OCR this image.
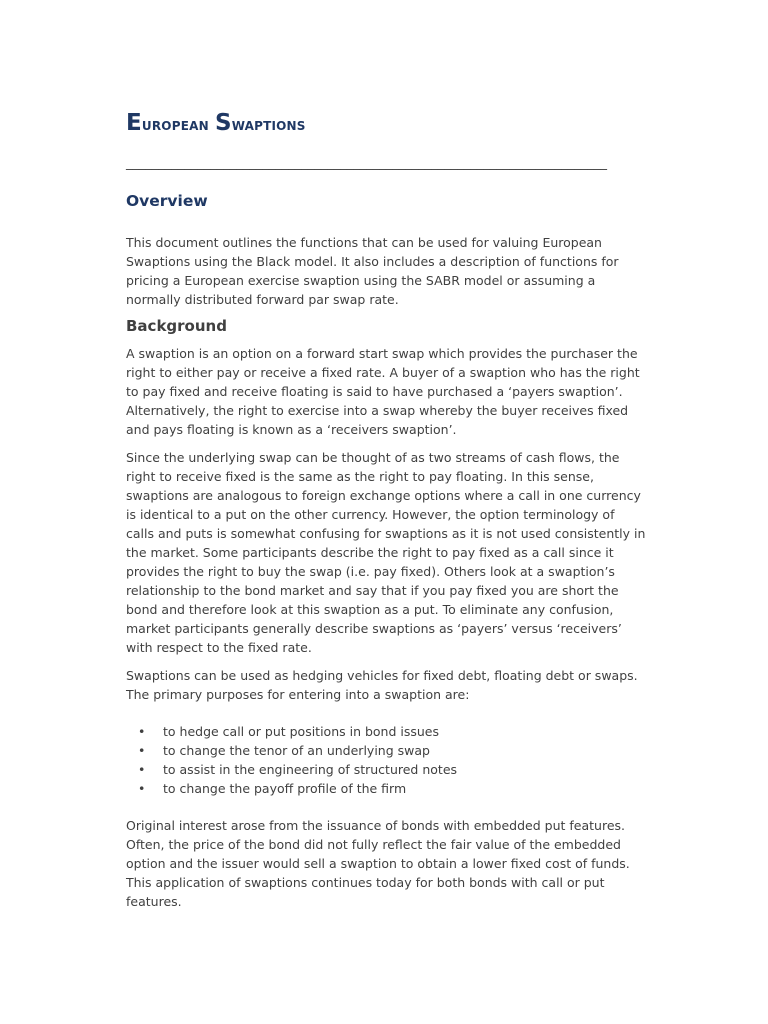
European Swaptions
__________________________________________________________________________
Overview

This document outlines the functions that can be used for valuing European Swaptions using the Black model. It also includes a description of functions for pricing a European exercise swaption using the SABR model or assuming a normally distributed forward par swap rate.

Background

A swaption is an option on a forward start swap which provides the purchaser the right to either pay or receive a fixed rate. A buyer of a swaption who has the right to pay fixed and receive floating is said to have purchased a ‘payers swaption’. Alternatively, the right to exercise into a swap whereby the buyer receives fixed and pays floating is known as a ‘receivers swaption’.

Since the underlying swap can be thought of as two streams of cash flows, the right to receive fixed is the same as the right to pay floating. In this sense, swaptions are analogous to foreign exchange options where a call in one currency is identical to a put on the other currency. However, the option terminology of calls and puts is somewhat confusing for swaptions as it is not used consistently in the market. Some participants describe the right to pay fixed as a call since it provides the right to buy the swap (i.e. pay fixed). Others look at a swaption’s relationship to the bond market and say that if you pay fixed you are short the bond and therefore look at this swaption as a put. To eliminate any confusion, market participants generally describe swaptions as ‘payers’ versus ‘receivers’ with respect to the fixed rate.

Swaptions can be used as hedging vehicles for fixed debt, floating debt or swaps. The primary purposes for entering into a swaption are:

• to hedge call or put positions in bond issues
• to change the tenor of an underlying swap
• to assist in the engineering of structured notes
• to change the payoff profile of the firm

Original interest arose from the issuance of bonds with embedded put features. Often, the price of the bond did not fully reflect the fair value of the embedded option and the issuer would sell a swaption to obtain a lower fixed cost of funds. This application of swaptions continues today for both bonds with call or put features.
